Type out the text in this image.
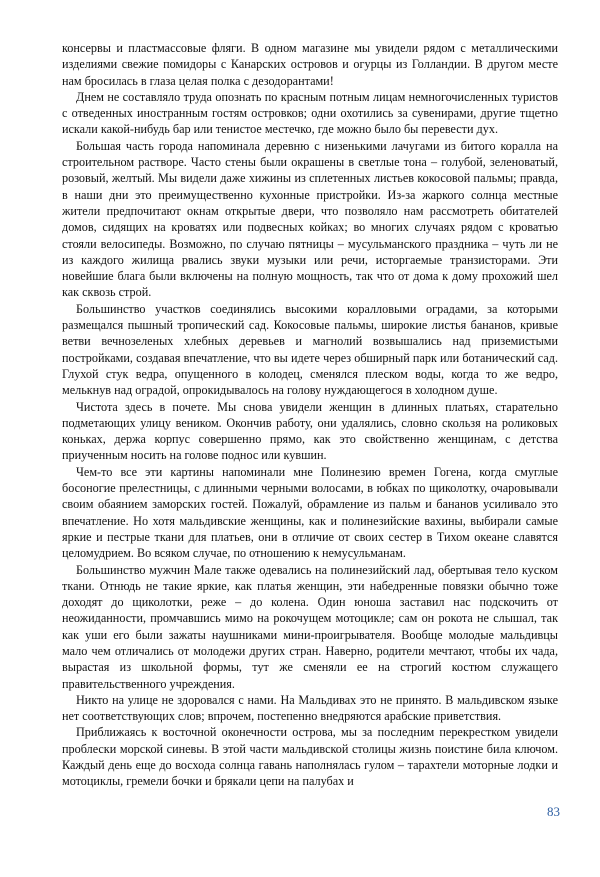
консервы и пластмассовые фляги. В одном магазине мы увидели рядом с металлическими изделиями свежие помидоры с Канарских островов и огурцы из Голландии. В другом месте нам бросилась в глаза целая полка с дезодорантами!

Днем не составляло труда опознать по красным потным лицам немногочисленных туристов с отведенных иностранным гостям островков; одни охотились за сувенирами, другие тщетно искали какой-нибудь бар или тенистое местечко, где можно было бы перевести дух.

Большая часть города напоминала деревню с низенькими лачугами из битого коралла на строительном растворе. Часто стены были окрашены в светлые тона – голубой, зеленоватый, розовый, желтый. Мы видели даже хижины из сплетенных листьев кокосовой пальмы; правда, в наши дни это преимущественно кухонные пристройки. Из-за жаркого солнца местные жители предпочитают окнам открытые двери, что позволяло нам рассмотреть обитателей домов, сидящих на кроватях или подвесных койках; во многих случаях рядом с кроватью стояли велосипеды. Возможно, по случаю пятницы – мусульманского праздника – чуть ли не из каждого жилища рвались звуки музыки или речи, исторгаемые транзисторами. Эти новейшие блага были включены на полную мощность, так что от дома к дому прохожий шел как сквозь строй.

Большинство участков соединялись высокими коралловыми оградами, за которыми размещался пышный тропический сад. Кокосовые пальмы, широкие листья бананов, кривые ветви вечнозеленых хлебных деревьев и магнолий возвышались над приземистыми постройками, создавая впечатление, что вы идете через обширный парк или ботанический сад. Глухой стук ведра, опущенного в колодец, сменялся плеском воды, когда то же ведро, мелькнув над оградой, опрокидывалось на голову нуждающегося в холодном душе.

Чистота здесь в почете. Мы снова увидели женщин в длинных платьях, старательно подметающих улицу веником. Окончив работу, они удалялись, словно скользя на роликовых коньках, держа корпус совершенно прямо, как это свойственно женщинам, с детства приученным носить на голове поднос или кувшин.

Чем-то все эти картины напоминали мне Полинезию времен Гогена, когда смуглые босоногие прелестницы, с длинными черными волосами, в юбках по щиколотку, очаровывали своим обаянием заморских гостей. Пожалуй, обрамление из пальм и бананов усиливало это впечатление. Но хотя мальдивские женщины, как и полинезийские вахины, выбирали самые яркие и пестрые ткани для платьев, они в отличие от своих сестер в Тихом океане славятся целомудрием. Во всяком случае, по отношению к немусульманам.

Большинство мужчин Мале также одевались на полинезийский лад, обертывая тело куском ткани. Отнюдь не такие яркие, как платья женщин, эти набедренные повязки обычно тоже доходят до щиколотки, реже – до колена. Один юноша заставил нас подскочить от неожиданности, промчавшись мимо на рокочущем мотоцикле; сам он рокота не слышал, так как уши его были зажаты наушниками мини-проигрывателя. Вообще молодые мальдивцы мало чем отличались от молодежи других стран. Наверно, родители мечтают, чтобы их чада, вырастая из школьной формы, тут же сменяли ее на строгий костюм служащего правительственного учреждения.

Никто на улице не здоровался с нами. На Мальдивах это не принято. В мальдивском языке нет соответствующих слов; впрочем, постепенно внедряются арабские приветствия.

Приближаясь к восточной оконечности острова, мы за последним перекрестком увидели проблески морской синевы. В этой части мальдивской столицы жизнь поистине била ключом. Каждый день еще до восхода солнца гавань наполнялась гулом – тарахтели моторные лодки и мотоциклы, гремели бочки и брякали цепи на палубах и

83
